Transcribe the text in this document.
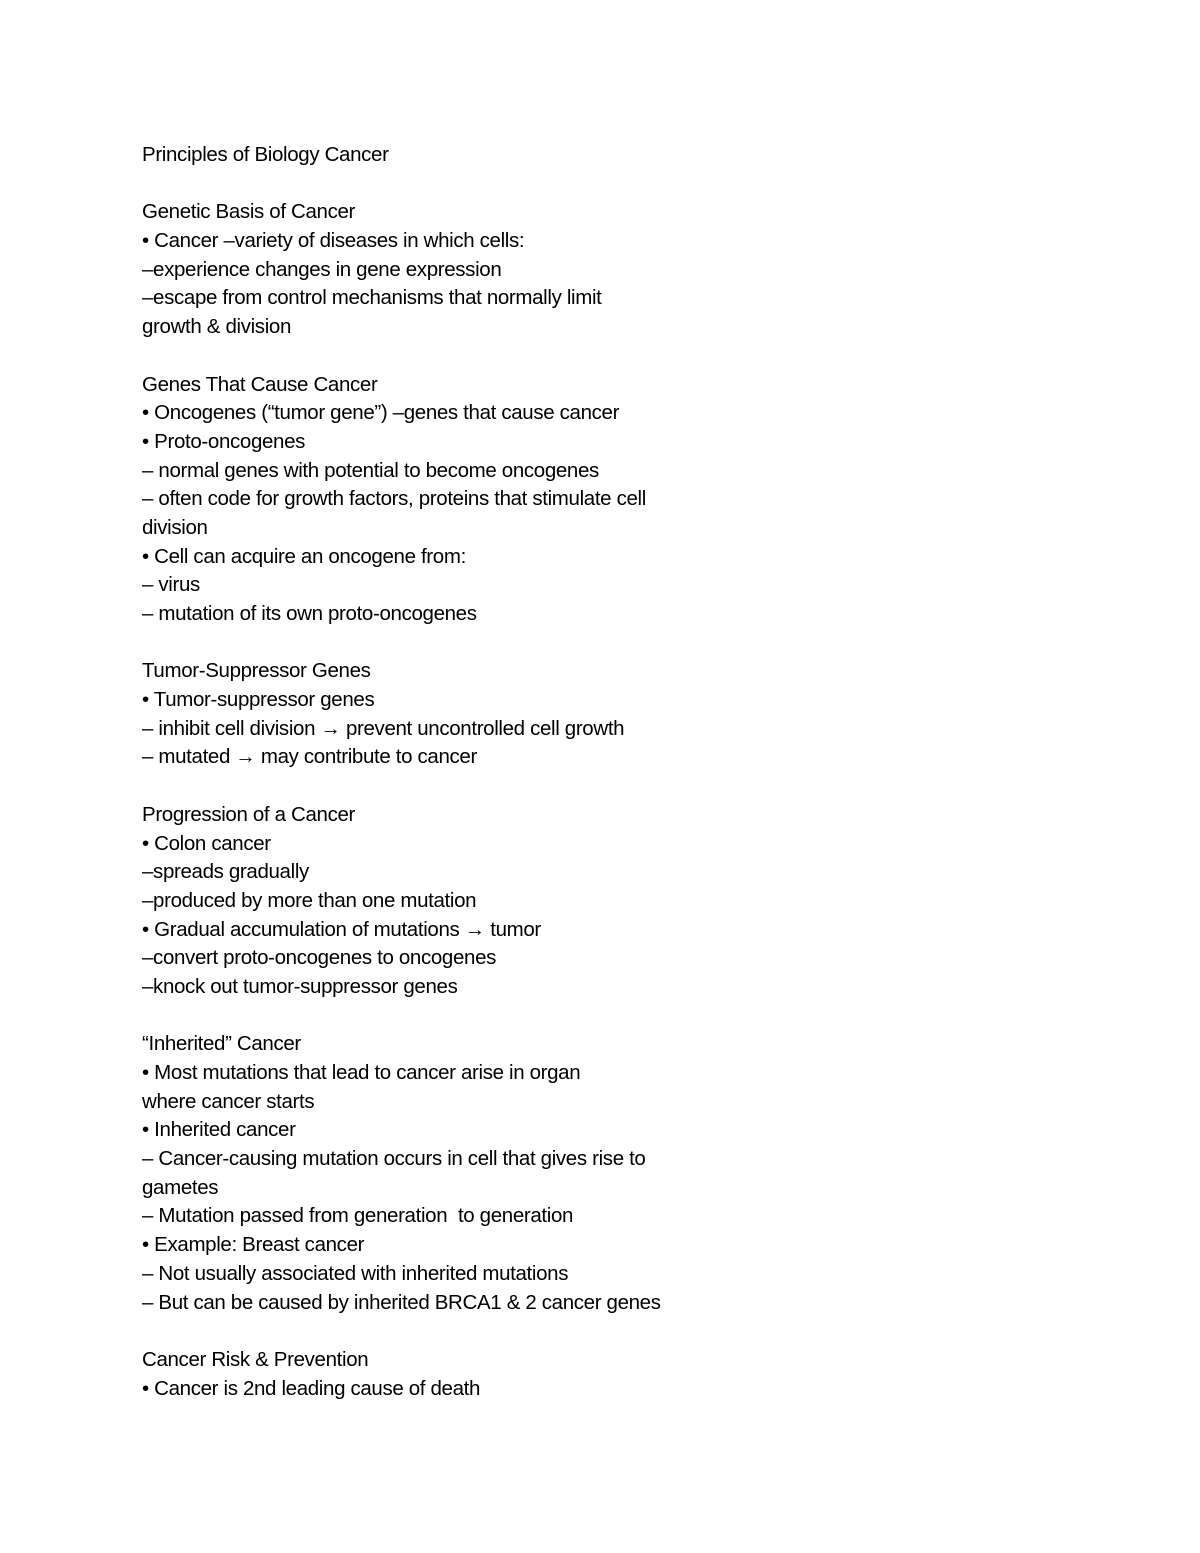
Principles of Biology Cancer
Genetic Basis of Cancer
• Cancer –variety of diseases in which cells:
–experience changes in gene expression
–escape from control mechanisms that normally limit
growth & division
Genes That Cause Cancer
• Oncogenes (“tumor gene”) –genes that cause cancer
• Proto-oncogenes
– normal genes with potential to become oncogenes
– often code for growth factors, proteins that stimulate cell
division
• Cell can acquire an oncogene from:
– virus
– mutation of its own proto-oncogenes
Tumor-Suppressor Genes
• Tumor-suppressor genes
– inhibit cell division → prevent uncontrolled cell growth
– mutated → may contribute to cancer
Progression of a Cancer
• Colon cancer
–spreads gradually
–produced by more than one mutation
• Gradual accumulation of mutations → tumor
–convert proto-oncogenes to oncogenes
–knock out tumor-suppressor genes
“Inherited” Cancer
• Most mutations that lead to cancer arise in organ
where cancer starts
• Inherited cancer
– Cancer-causing mutation occurs in cell that gives rise to
gametes
– Mutation passed from generation  to generation
• Example: Breast cancer
– Not usually associated with inherited mutations
– But can be caused by inherited BRCA1 & 2 cancer genes
Cancer Risk & Prevention
• Cancer is 2nd leading cause of death
